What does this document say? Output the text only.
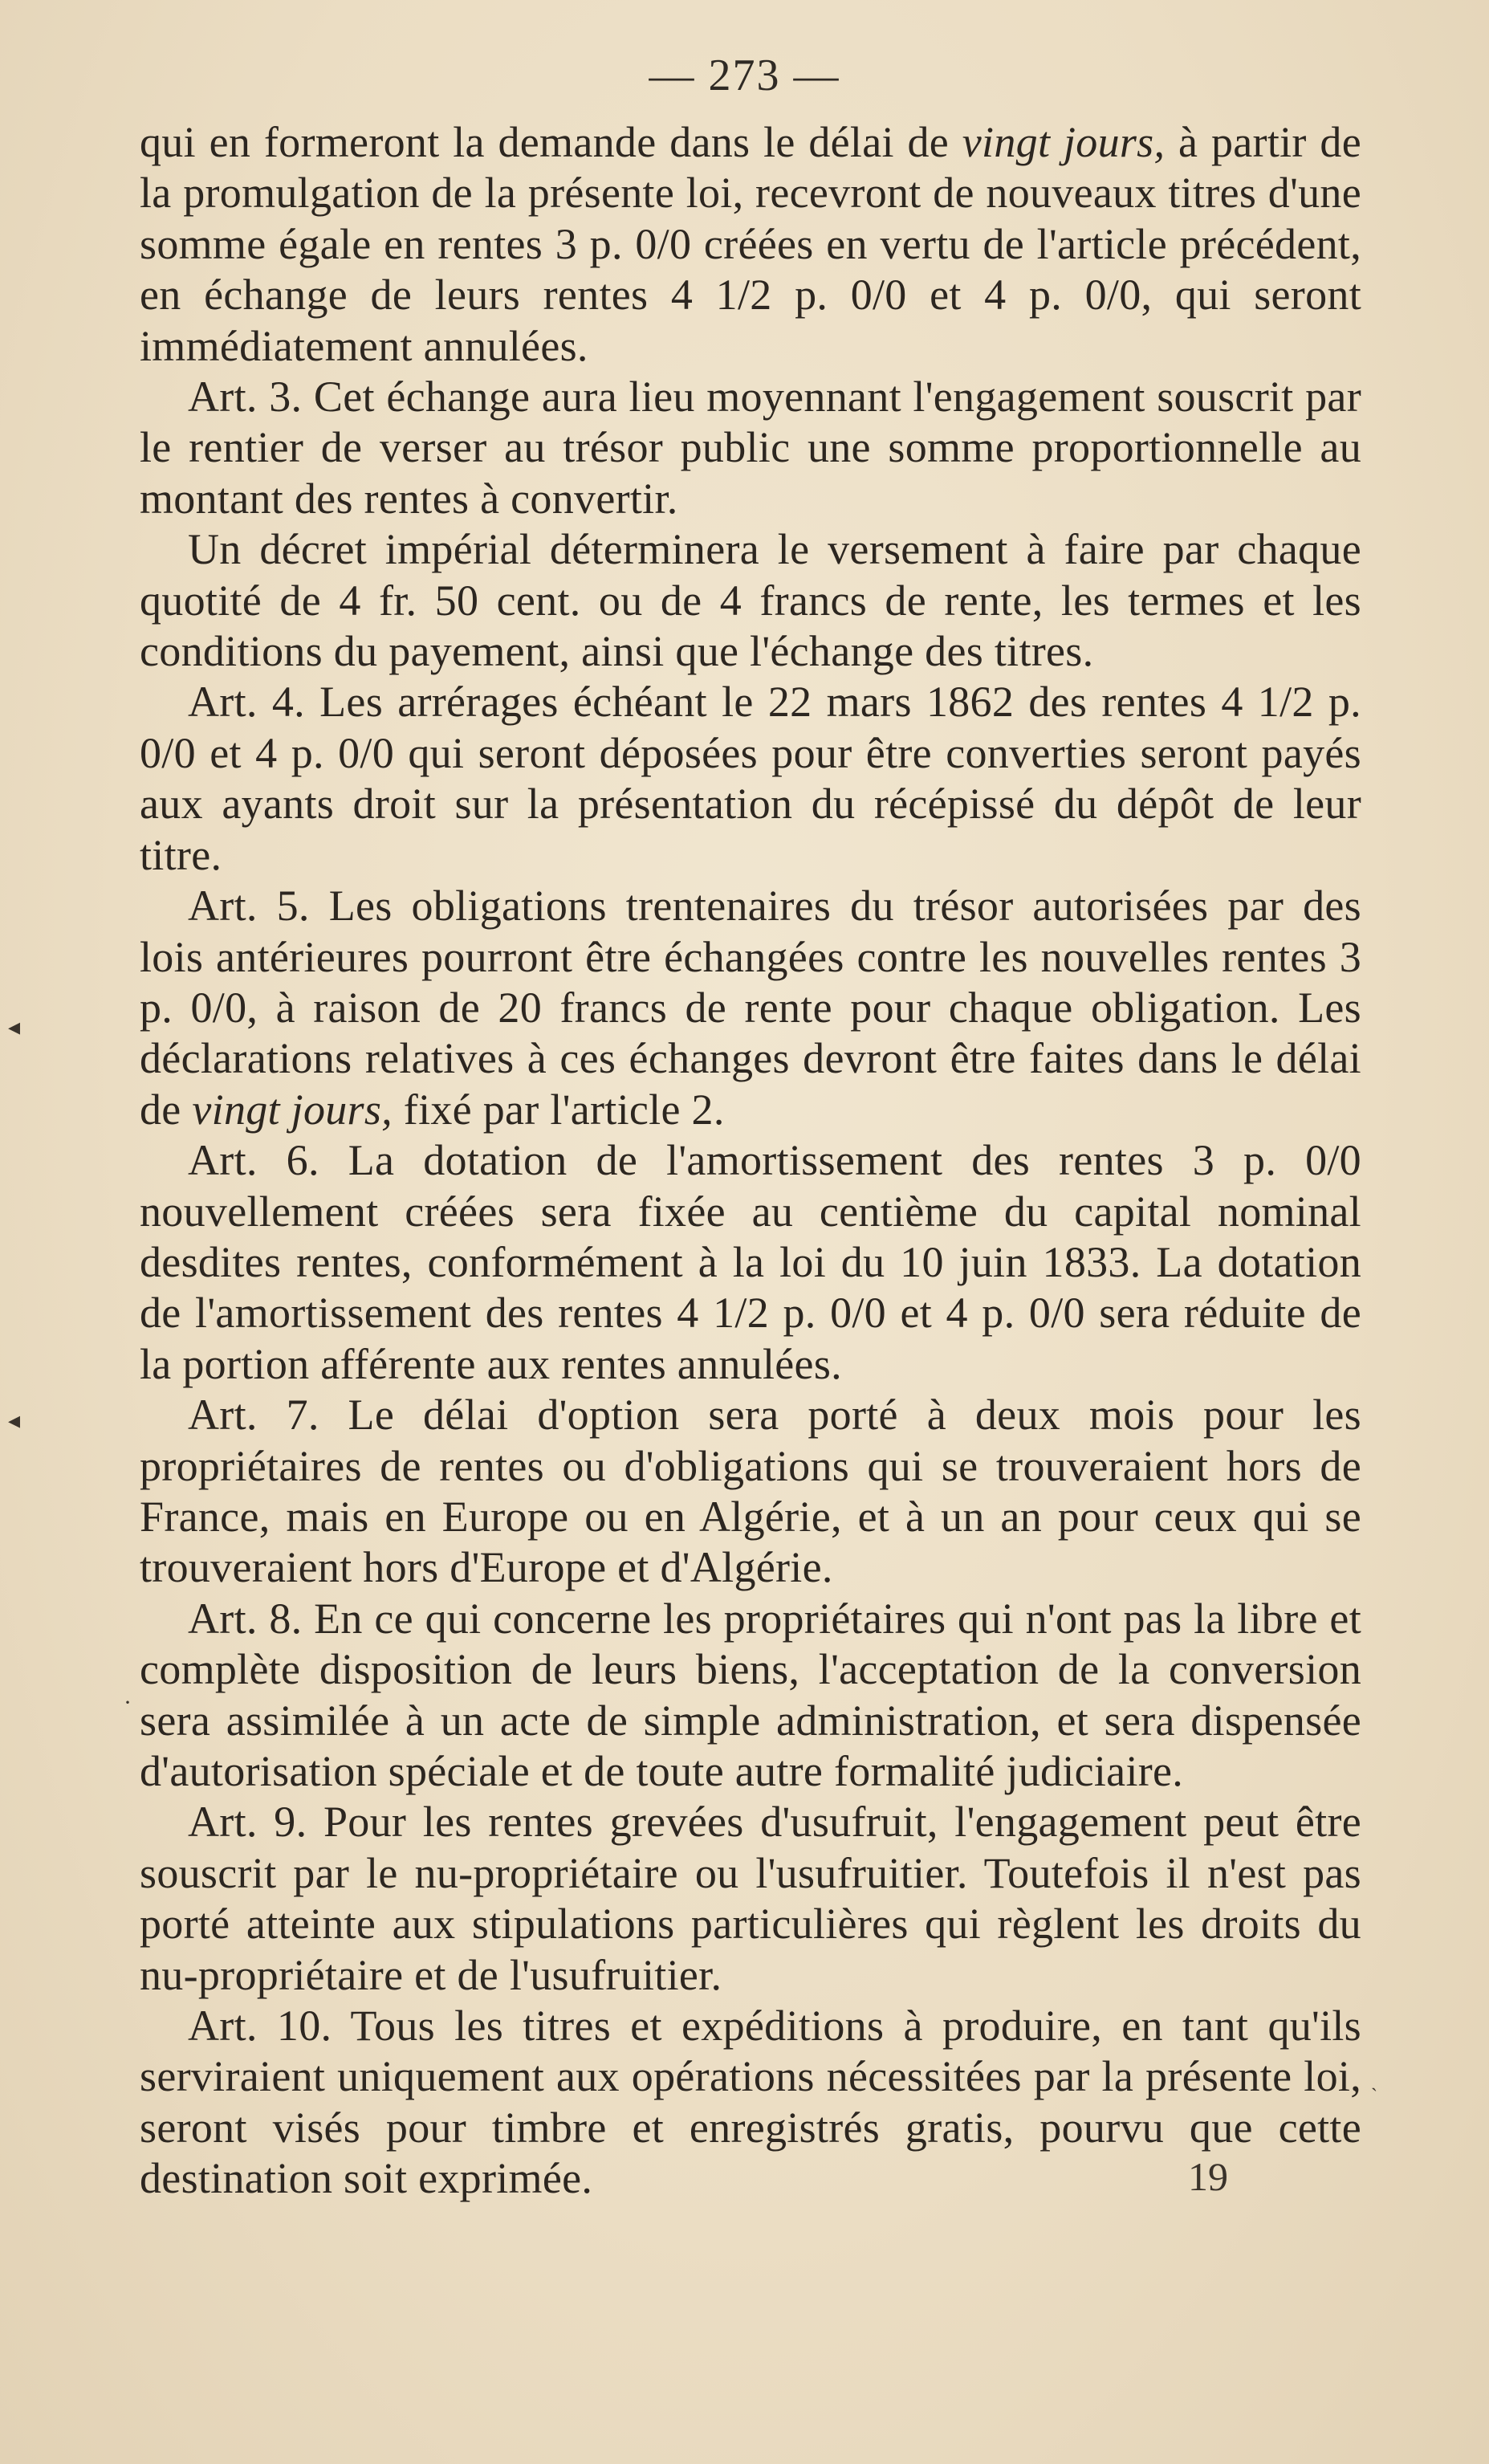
— 273 —

qui en formeront la demande dans le délai de vingt jours, à partir de la promulgation de la présente loi, recevront de nouveaux titres d'une somme égale en rentes 3 p. 0/0 créées en vertu de l'article précédent, en échange de leurs rentes 4 1/2 p. 0/0 et 4 p. 0/0, qui seront immédiatement annulées.

Art. 3. Cet échange aura lieu moyennant l'engagement souscrit par le rentier de verser au trésor public une somme proportionnelle au montant des rentes à convertir.

Un décret impérial déterminera le versement à faire par chaque quotité de 4 fr. 50 cent. ou de 4 francs de rente, les termes et les conditions du payement, ainsi que l'échange des titres.

Art. 4. Les arrérages échéant le 22 mars 1862 des rentes 4 1/2 p. 0/0 et 4 p. 0/0 qui seront déposées pour être converties seront payés aux ayants droit sur la présentation du récépissé du dépôt de leur titre.

Art. 5. Les obligations trentenaires du trésor autorisées par des lois antérieures pourront être échangées contre les nouvelles rentes 3 p. 0/0, à raison de 20 francs de rente pour chaque obligation. Les déclarations relatives à ces échanges devront être faites dans le délai de vingt jours, fixé par l'article 2.

Art. 6. La dotation de l'amortissement des rentes 3 p. 0/0 nouvellement créées sera fixée au centième du capital nominal desdites rentes, conformément à la loi du 10 juin 1833. La dotation de l'amortissement des rentes 4 1/2 p. 0/0 et 4 p. 0/0 sera réduite de la portion afférente aux rentes annulées.

Art. 7. Le délai d'option sera porté à deux mois pour les propriétaires de rentes ou d'obligations qui se trouveraient hors de France, mais en Europe ou en Algérie, et à un an pour ceux qui se trouveraient hors d'Europe et d'Algérie.

Art. 8. En ce qui concerne les propriétaires qui n'ont pas la libre et complète disposition de leurs biens, l'acceptation de la conversion sera assimilée à un acte de simple administration, et sera dispensée d'autorisation spéciale et de toute autre formalité judiciaire.

Art. 9. Pour les rentes grevées d'usufruit, l'engagement peut être souscrit par le nu-propriétaire ou l'usufruitier. Toutefois il n'est pas porté atteinte aux stipulations particulières qui règlent les droits du nu-propriétaire et de l'usufruitier.

Art. 10. Tous les titres et expéditions à produire, en tant qu'ils serviraient uniquement aux opérations nécessitées par la présente loi, seront visés pour timbre et enregistrés gratis, pourvu que cette destination soit exprimée.	19
◂
◂
ˎ
·
